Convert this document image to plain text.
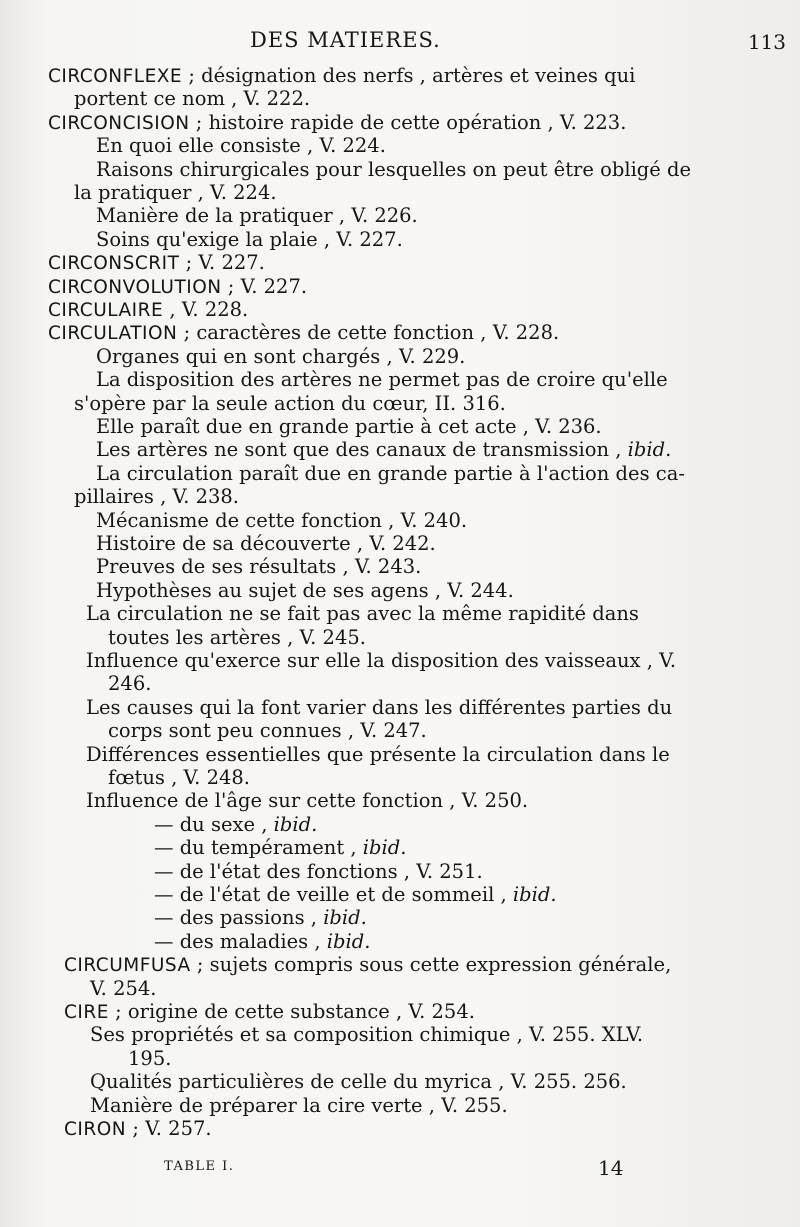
DES MATIERES.	113
CIRCONFLEXE ; désignation des nerfs , artères et veines qui
portent ce nom , V. 222.
CIRCONCISION ; histoire rapide de cette opération , V. 223.
En quoi elle consiste , V. 224.
Raisons chirurgicales pour lesquelles on peut être obligé de
la pratiquer , V. 224.
Manière de la pratiquer , V. 226.
Soins qu'exige la plaie , V. 227.
CIRCONSCRIT ; V. 227.
CIRCONVOLUTION ; V. 227.
CIRCULAIRE , V. 228.
CIRCULATION ; caractères de cette fonction , V. 228.
Organes qui en sont chargés , V. 229.
La disposition des artères ne permet pas de croire qu'elle
s'opère par la seule action du cœur, II. 316.
Elle paraît due en grande partie à cet acte , V. 236.
Les artères ne sont que des canaux de transmission , ibid.
La circulation paraît due en grande partie à l'action des ca-
pillaires , V. 238.
Mécanisme de cette fonction , V. 240.
Histoire de sa découverte , V. 242.
Preuves de ses résultats , V. 243.
Hypothèses au sujet de ses agens , V. 244.
La circulation ne se fait pas avec la même rapidité dans
toutes les artères , V. 245.
Influence qu'exerce sur elle la disposition des vaisseaux , V.
246.
Les causes qui la font varier dans les différentes parties du
corps sont peu connues , V. 247.
Différences essentielles que présente la circulation dans le
fœtus , V. 248.
Influence de l'âge sur cette fonction , V. 250.
— du sexe , ibid.
— du tempérament , ibid.
— de l'état des fonctions , V. 251.
— de l'état de veille et de sommeil , ibid.
— des passions , ibid.
— des maladies , ibid.
CIRCUMFUSA ; sujets compris sous cette expression générale,
V. 254.
CIRE ; origine de cette substance , V. 254.
Ses propriétés et sa composition chimique , V. 255. XLV.
195.
Qualités particulières de celle du myrica , V. 255. 256.
Manière de préparer la cire verte , V. 255.
CIRON ; V. 257.
TABLE I.	14
